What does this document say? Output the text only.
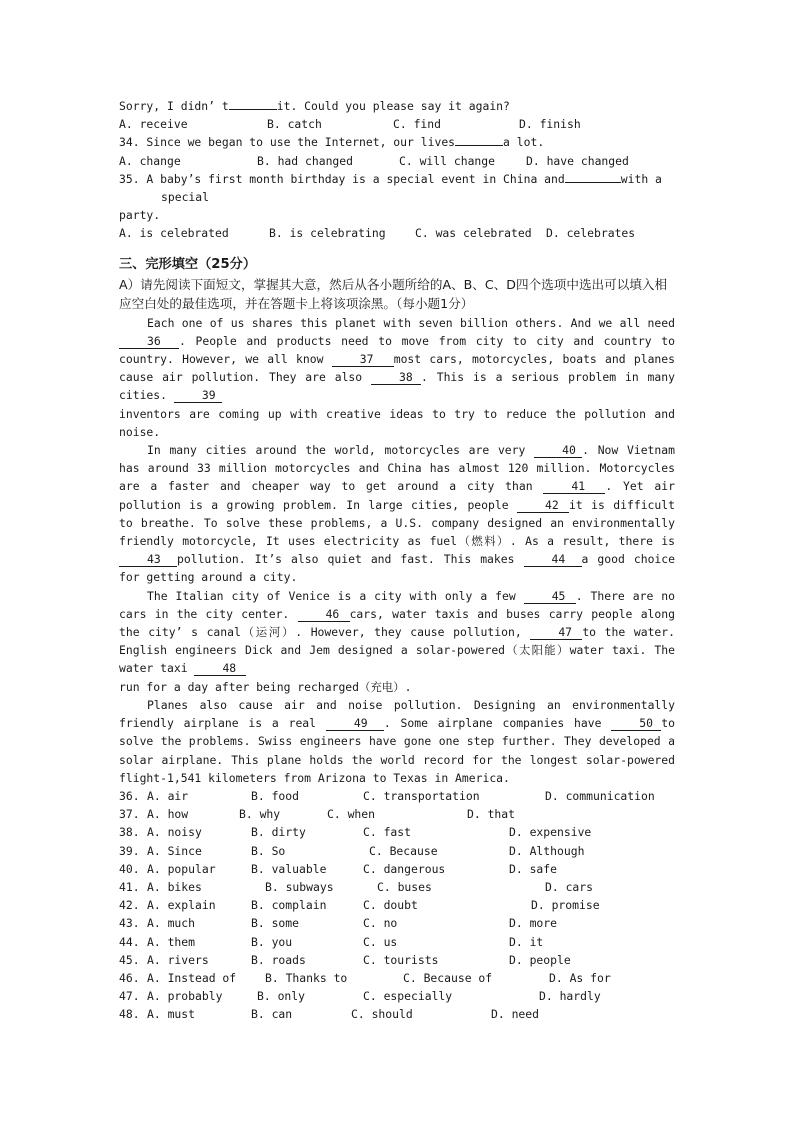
Sorry, I didn’ t	it. Could you please say it again?
A. receive	B. catch	C. find	D. finish
34. Since we began to use the Internet, our lives	a lot.
A. change	B. had changed	C. will change	D. have changed
35. A baby’s first month birthday is a special event in China and	with a
special
party.
A. is celebrated	B. is celebrating	C. was celebrated	D. celebrates
三、完形填空（25分）
A）请先阅读下面短文，掌握其大意，然后从各小题所给的A、B、C、D四个选项中选出可以填入相应空白处的最佳选项，并在答题卡上将该项涂黑。（每小题1分）
Each one of us shares this planet with seven billion others. And we all need 36 . People and products need to move from city to city and country to country. However, we all know 37 most cars, motorcycles, boats and planes cause air pollution. They are also 38 . This is a serious problem in many cities. 39
inventors are coming up with creative ideas to try to reduce the pollution and noise.
In many cities around the world, motorcycles are very 40 . Now Vietnam has around 33 million motorcycles and China has almost 120 million. Motorcycles are a faster and cheaper way to get around a city than 41 . Yet air pollution is a growing problem. In large cities, people 42 it is difficult to breathe. To solve these problems, a U.S. company designed an environmentally friendly motorcycle, It uses electricity as fuel（燃料）. As a result, there is 43 pollution. It’s also quiet and fast. This makes 44 a good choice for getting around a city.
The Italian city of Venice is a city with only a few 45 . There are no cars in the city center. 46 cars, water taxis and buses carry people along the city’ s canal（运河）. However, they cause pollution, 47 to the water. English engineers Dick and Jem designed a solar-powered（太阳能）water taxi. The water taxi 48
run for a day after being recharged（充电）.
Planes also cause air and noise pollution. Designing an environmentally friendly airplane is a real 49 . Some airplane companies have 50 to solve the problems. Swiss engineers have gone one step further. They developed a solar airplane. This plane holds the world record for the longest solar-powered flight-1,541 kilometers from Arizona to Texas in America.
36. A. air	B. food	C. transportation	D. communication
37. A. how	B. why	C. when	D. that
38. A. noisy	B. dirty	C. fast	D. expensive
39. A. Since	B. So	C. Because	D. Although
40. A. popular	B. valuable	C. dangerous	D. safe
41. A. bikes	B. subways	C. buses	D. cars
42. A. explain	B. complain	C. doubt	D. promise
43. A. much	B. some	C. no	D. more
44. A. them	B. you	C. us	D. it
45. A. rivers	B. roads	C. tourists	D. people
46. A. Instead of	B. Thanks to	C. Because of	D. As for
47. A. probably	B. only	C. especially	D. hardly
48. A. must	B. can	C. should	D. need
